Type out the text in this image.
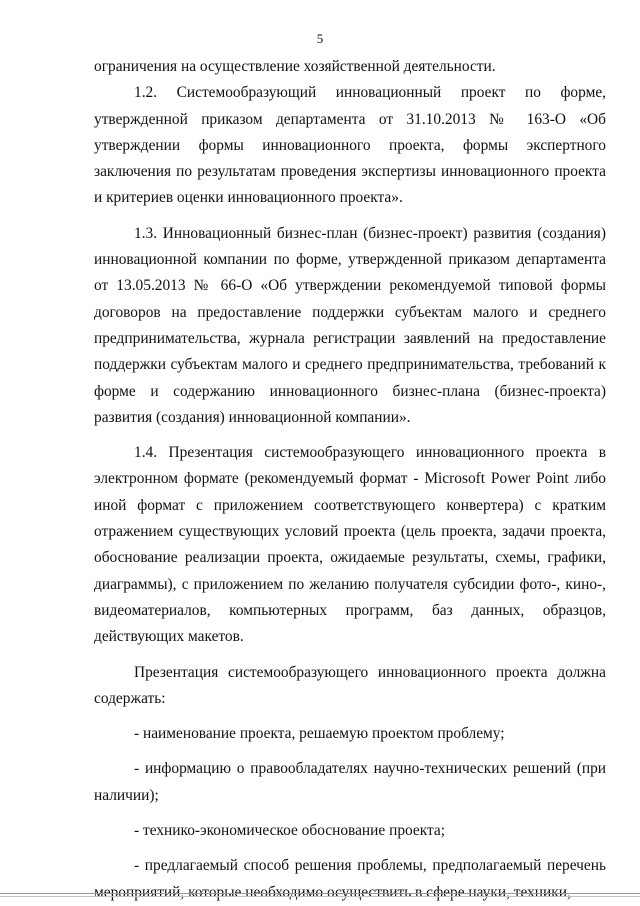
5

ограничения на осуществление хозяйственной деятельности.

1.2. Системообразующий инновационный проект по форме, утвержденной приказом департамента от 31.10.2013 № 163-О «Об утверждении формы инновационного проекта, формы экспертного заключения по результатам проведения экспертизы инновационного проекта и критериев оценки инновационного проекта».

1.3. Инновационный бизнес-план (бизнес-проект) развития (создания) инновационной компании по форме, утвержденной приказом департамента от 13.05.2013 № 66-О «Об утверждении рекомендуемой типовой формы договоров на предоставление поддержки субъектам малого и среднего предпринимательства, журнала регистрации заявлений на предоставление поддержки субъектам малого и среднего предпринимательства, требований к форме и содержанию инновационного бизнес-плана (бизнес-проекта) развития (создания) инновационной компании».

1.4. Презентация системообразующего инновационного проекта в электронном формате (рекомендуемый формат - Microsoft Power Point либо иной формат с приложением соответствующего конвертера) с кратким отражением существующих условий проекта (цель проекта, задачи проекта, обоснование реализации проекта, ожидаемые результаты, схемы, графики, диаграммы), с приложением по желанию получателя субсидии фото-, кино-, видеоматериалов, компьютерных программ, баз данных, образцов, действующих макетов.

Презентация системообразующего инновационного проекта должна содержать:

- наименование проекта, решаемую проектом проблему;

- информацию о правообладателях научно-технических решений (при наличии);

- технико-экономическое обоснование проекта;

- предлагаемый способ решения проблемы, предполагаемый перечень мероприятий, которые необходимо осуществить в сфере науки, техники,
